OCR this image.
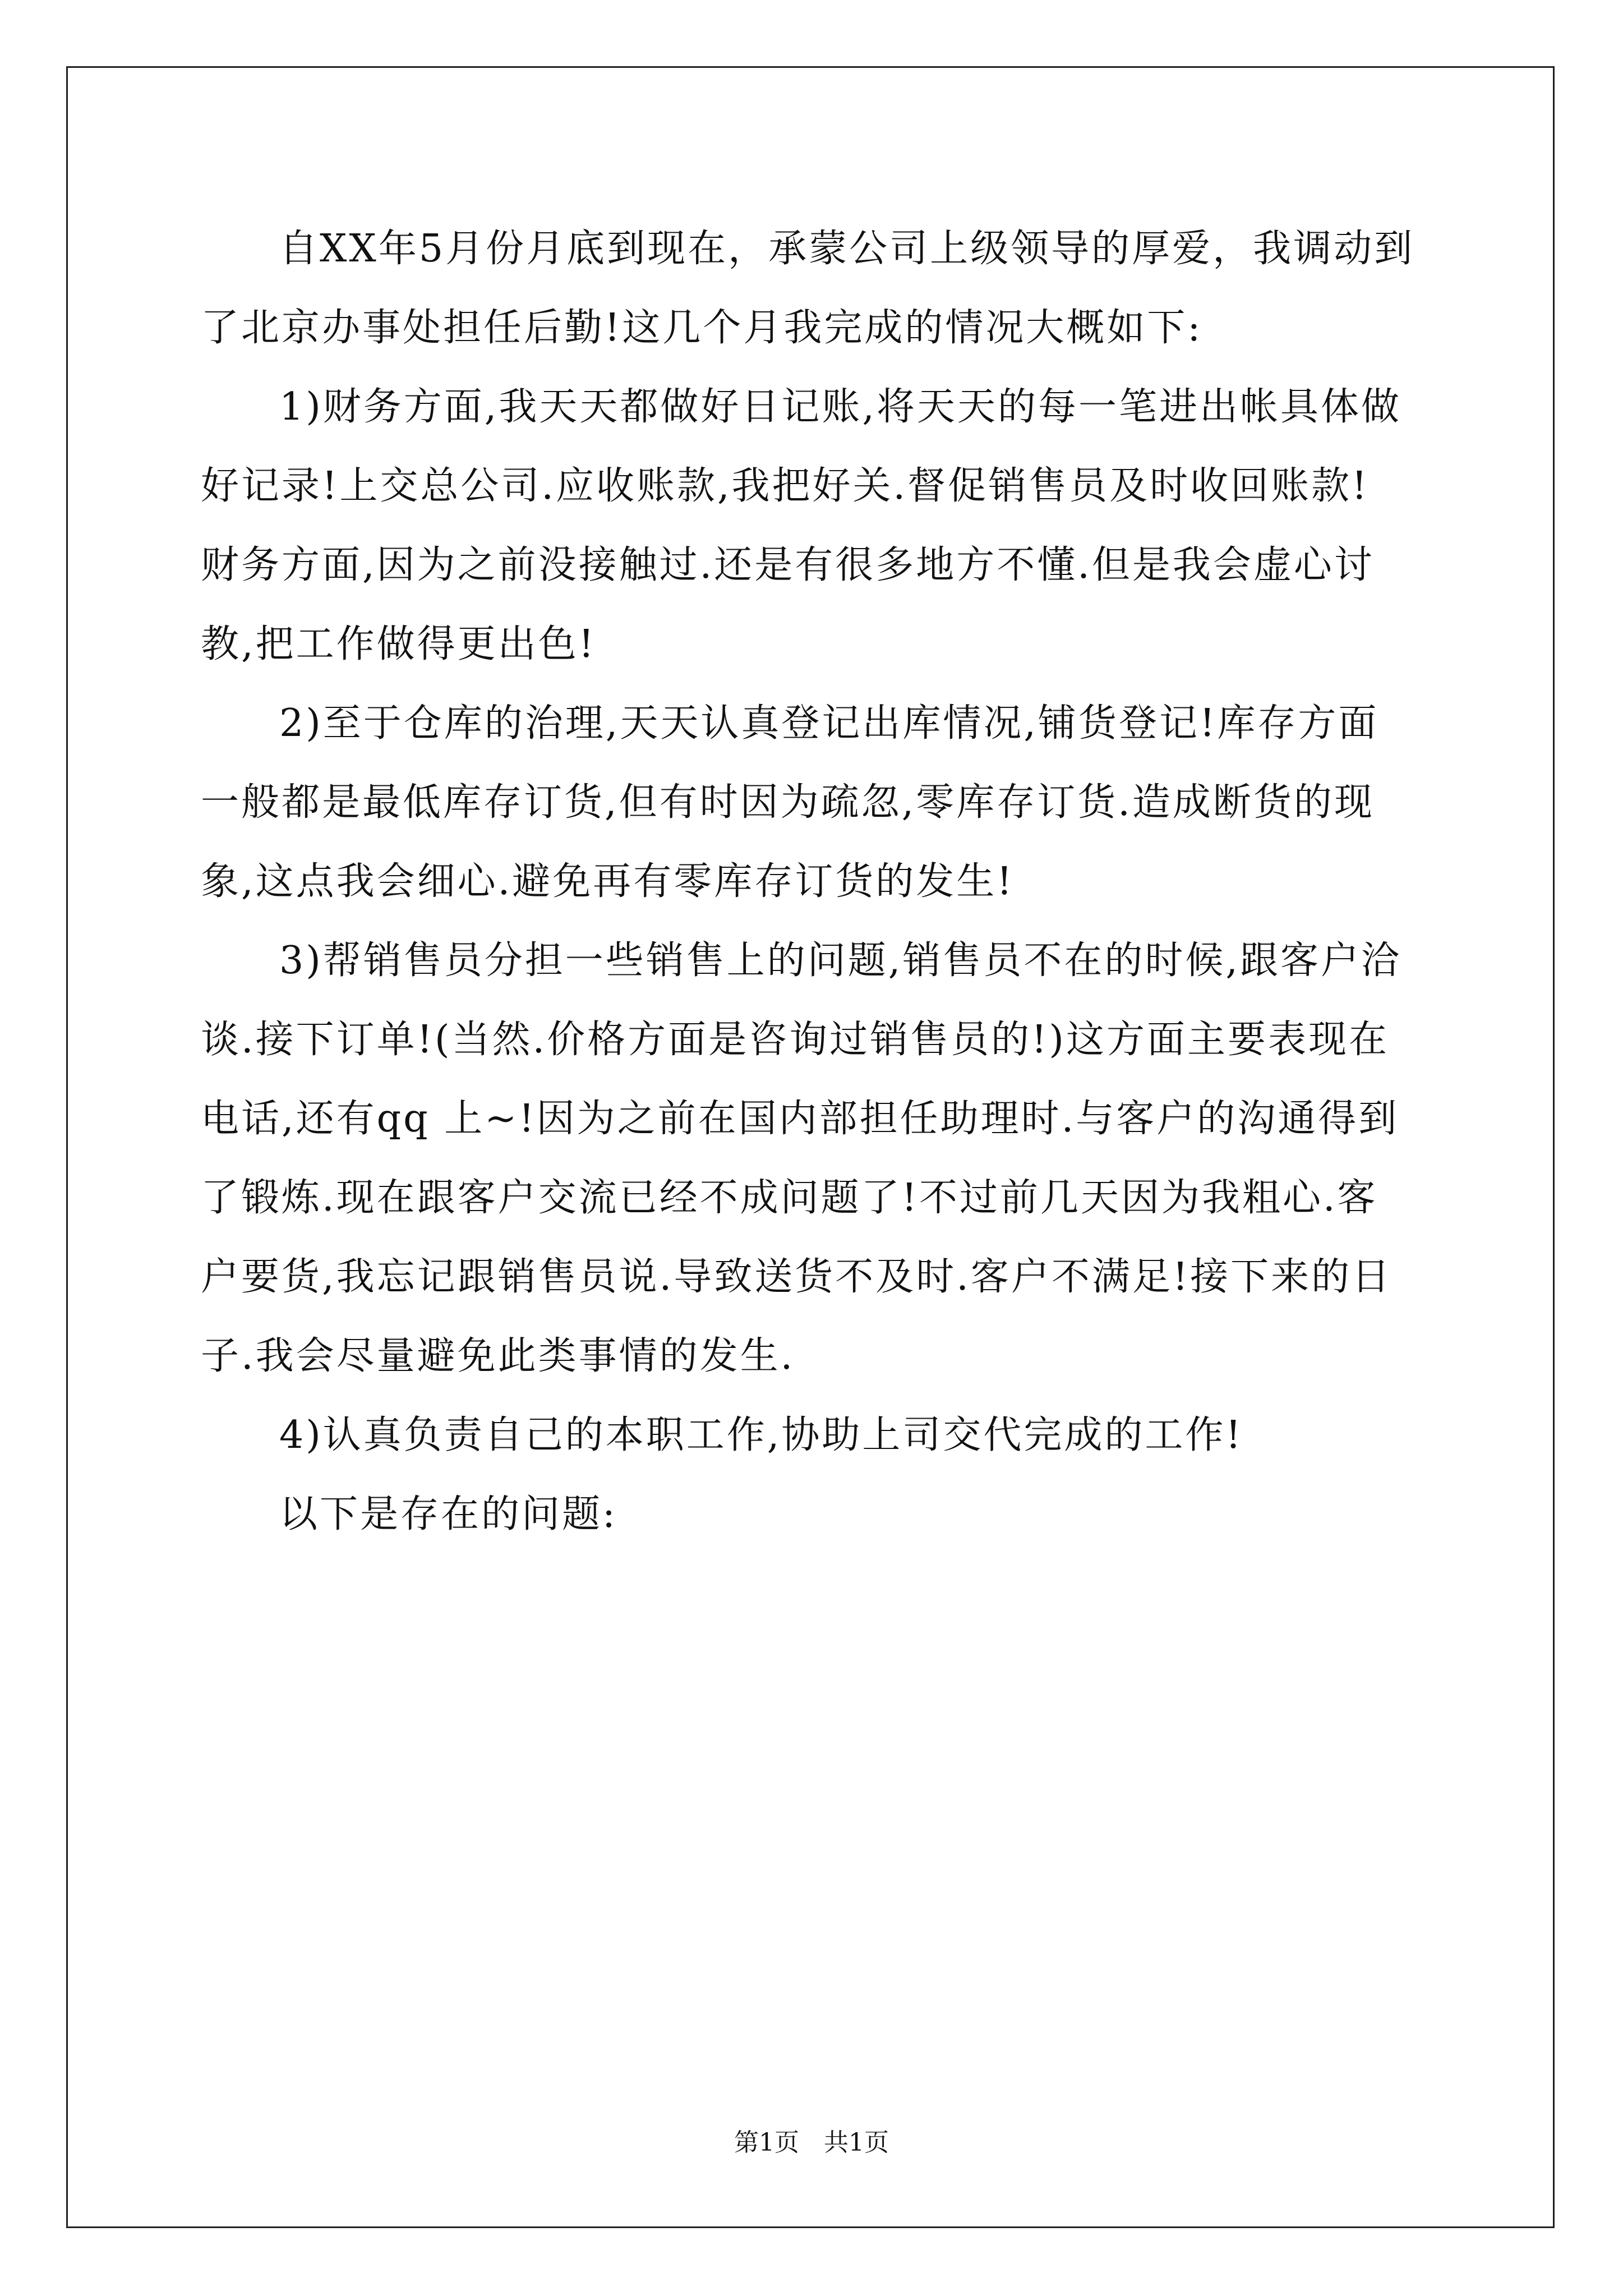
自XX年5月份月底到现在，承蒙公司上级领导的厚爱，我调动到
了北京办事处担任后勤!这几个月我完成的情况大概如下:
1)财务方面,我天天都做好日记账,将天天的每一笔进出帐具体做
好记录!上交总公司.应收账款,我把好关.督促销售员及时收回账款!
财务方面,因为之前没接触过.还是有很多地方不懂.但是我会虚心讨
教,把工作做得更出色!
2)至于仓库的治理,天天认真登记出库情况,铺货登记!库存方面
一般都是最低库存订货,但有时因为疏忽,零库存订货.造成断货的现
象,这点我会细心.避免再有零库存订货的发生!
3)帮销售员分担一些销售上的问题,销售员不在的时候,跟客户洽
谈.接下订单!(当然.价格方面是咨询过销售员的!)这方面主要表现在
电话,还有qq 上~!因为之前在国内部担任助理时.与客户的沟通得到
了锻炼.现在跟客户交流已经不成问题了!不过前几天因为我粗心.客
户要货,我忘记跟销售员说.导致送货不及时.客户不满足!接下来的日
子.我会尽量避免此类事情的发生.
4)认真负责自己的本职工作,协助上司交代完成的工作!
以下是存在的问题:
第1页　共1页
